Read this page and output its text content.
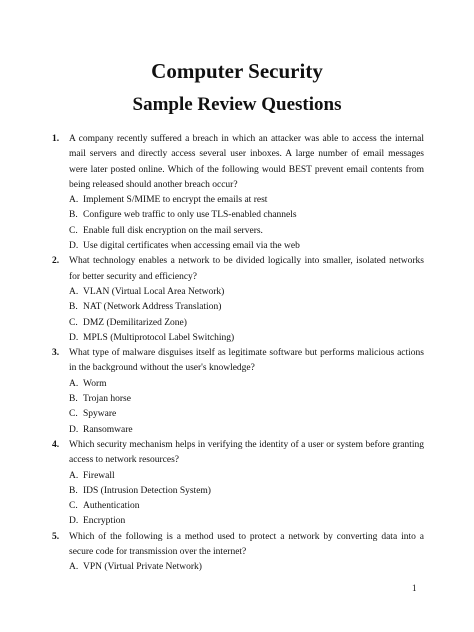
Computer Security
Sample Review Questions
1. A company recently suffered a breach in which an attacker was able to access the internal mail servers and directly access several user inboxes. A large number of email messages were later posted online. Which of the following would BEST prevent email contents from being released should another breach occur?

A. Implement S/MIME to encrypt the emails at rest
B. Configure web traffic to only use TLS-enabled channels
C. Enable full disk encryption on the mail servers.
D. Use digital certificates when accessing email via the web
2. What technology enables a network to be divided logically into smaller, isolated networks for better security and efficiency?

A. VLAN (Virtual Local Area Network)
B. NAT (Network Address Translation)
C. DMZ (Demilitarized Zone)
D. MPLS (Multiprotocol Label Switching)
3. What type of malware disguises itself as legitimate software but performs malicious actions in the background without the user's knowledge?

A. Worm
B. Trojan horse
C. Spyware
D. Ransomware
4. Which security mechanism helps in verifying the identity of a user or system before granting access to network resources?

A. Firewall
B. IDS (Intrusion Detection System)
C. Authentication
D. Encryption
5. Which of the following is a method used to protect a network by converting data into a secure code for transmission over the internet?

A. VPN (Virtual Private Network)
1
